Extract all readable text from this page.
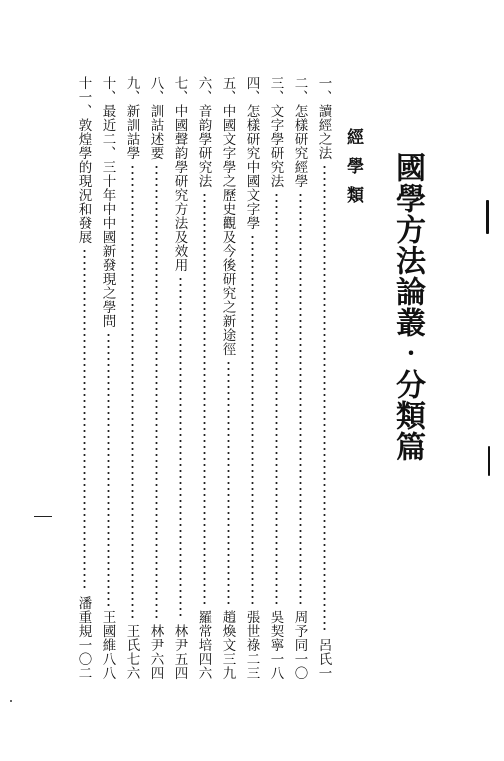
國學方法論叢‧分類篇
經學類
一、讀經之法
呂氏一
二、怎樣研究經學
周予同一〇
三、文字學研究法
吳契寧一八
四、怎樣研究中國文字學
張世祿二三
五、中國文字學之歷史觀及今後研究之新途徑
趙煥文三九
六、音韵學研究法
羅常培四六
七、中國聲韵學研究方法及效用
林尹五四
八、訓詁述要
林尹六四
九、新訓詁學
王氏七六
十、最近二、三十年中中國新發現之學問
王國維八八
十一、敦煌學的現況和發展
潘重規一〇二
